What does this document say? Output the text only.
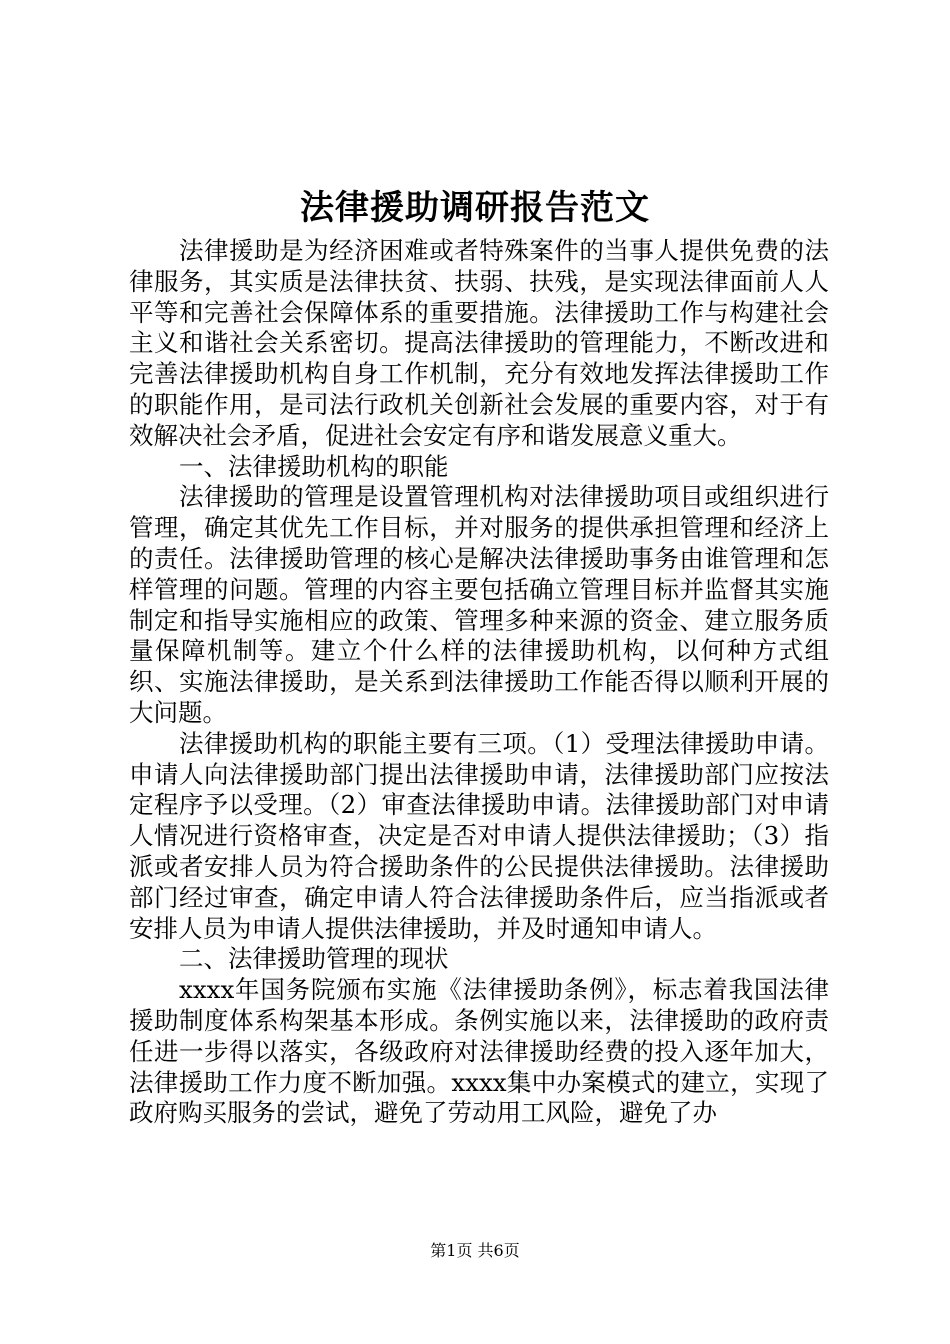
法律援助调研报告范文

法律援助是为经济困难或者特殊案件的当事人提供免费的法律服务，其实质是法律扶贫、扶弱、扶残，是实现法律面前人人平等和完善社会保障体系的重要措施。法律援助工作与构建社会主义和谐社会关系密切。提高法律援助的管理能力，不断改进和完善法律援助机构自身工作机制，充分有效地发挥法律援助工作的职能作用，是司法行政机关创新社会发展的重要内容，对于有效解决社会矛盾，促进社会安定有序和谐发展意义重大。

一、法律援助机构的职能

法律援助的管理是设置管理机构对法律援助项目或组织进行管理，确定其优先工作目标，并对服务的提供承担管理和经济上的责任。法律援助管理的核心是解决法律援助事务由谁管理和怎样管理的问题。管理的内容主要包括确立管理目标并监督其实施制定和指导实施相应的政策、管理多种来源的资金、建立服务质量保障机制等。建立个什么样的法律援助机构，以何种方式组织、实施法律援助，是关系到法律援助工作能否得以顺利开展的大问题。

法律援助机构的职能主要有三项。（1）受理法律援助申请。申请人向法律援助部门提出法律援助申请，法律援助部门应按法定程序予以受理。（2）审查法律援助申请。法律援助部门对申请人情况进行资格审查，决定是否对申请人提供法律援助；（3）指派或者安排人员为符合援助条件的公民提供法律援助。法律援助部门经过审查，确定申请人符合法律援助条件后，应当指派或者安排人员为申请人提供法律援助，并及时通知申请人。

二、法律援助管理的现状

xxxx年国务院颁布实施《法律援助条例》，标志着我国法律援助制度体系构架基本形成。条例实施以来，法律援助的政府责任进一步得以落实，各级政府对法律援助经费的投入逐年加大，法律援助工作力度不断加强。xxxx集中办案模式的建立，实现了政府购买服务的尝试，避免了劳动用工风险，避免了办

第1页 共6页
